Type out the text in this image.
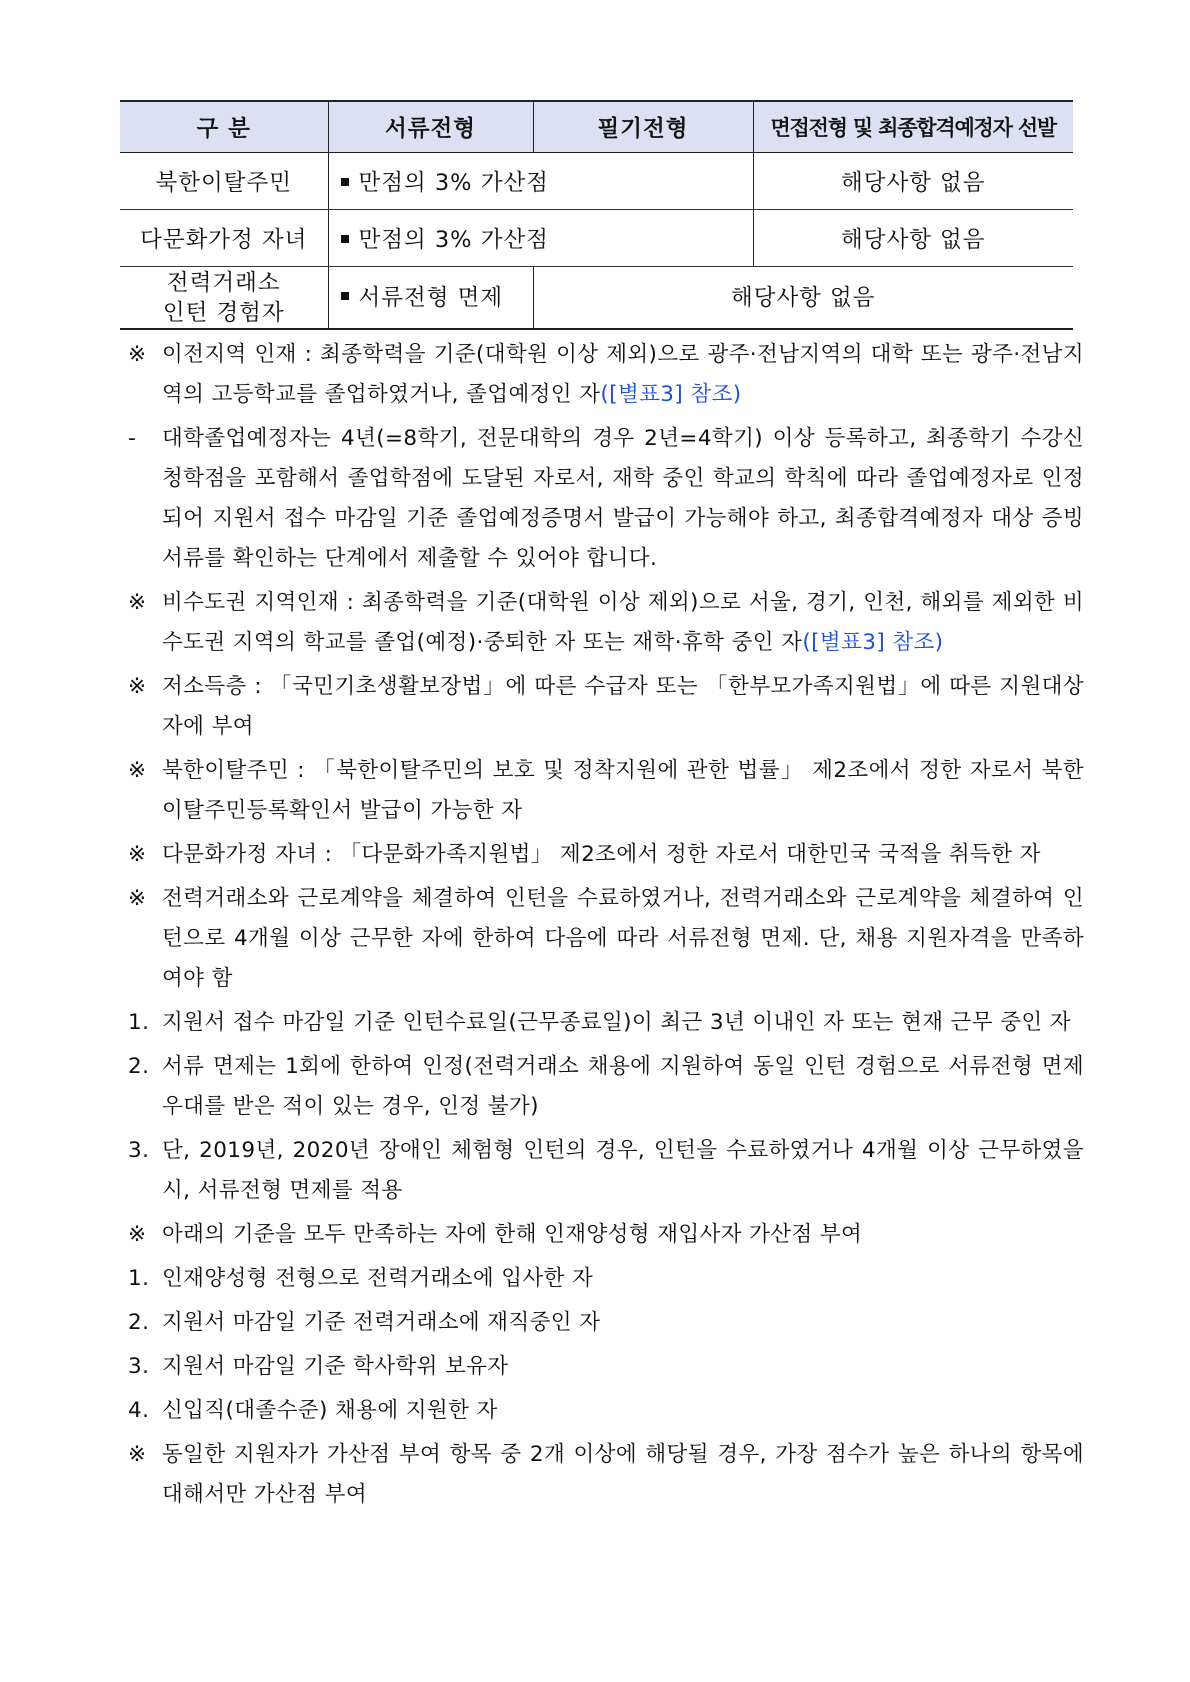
구 분	서류전형	필기전형	면접전형 및 최종합격예정자 선발
북한이탈주민	만점의 3% 가산점		해당사항 없음
다문화가정 자녀	만점의 3% 가산점		해당사항 없음
전력거래소
인턴 경험자	서류전형 면제	해당사항 없음	
※ 이전지역 인재 : 최종학력을 기준(대학원 이상 제외)으로 광주·전남지역의 대학 또는 광주·전남지역의 고등학교를 졸업하였거나, 졸업예정인 자([별표3] 참조)
- 대학졸업예정자는 4년(=8학기, 전문대학의 경우 2년=4학기) 이상 등록하고, 최종학기 수강신청학점을 포함해서 졸업학점에 도달된 자로서, 재학 중인 학교의 학칙에 따라 졸업예정자로 인정되어 지원서 접수 마감일 기준 졸업예정증명서 발급이 가능해야 하고, 최종합격예정자 대상 증빙서류를 확인하는 단계에서 제출할 수 있어야 합니다.
※ 비수도권 지역인재 : 최종학력을 기준(대학원 이상 제외)으로 서울, 경기, 인천, 해외를 제외한 비수도권 지역의 학교를 졸업(예정)·중퇴한 자 또는 재학·휴학 중인 자([별표3] 참조)
※ 저소득층 : 「국민기초생활보장법」에 따른 수급자 또는 「한부모가족지원법」에 따른 지원대상자에 부여
※ 북한이탈주민 : 「북한이탈주민의 보호 및 정착지원에 관한 법률」 제2조에서 정한 자로서 북한이탈주민등록확인서 발급이 가능한 자
※ 다문화가정 자녀 : 「다문화가족지원법」 제2조에서 정한 자로서 대한민국 국적을 취득한 자
※ 전력거래소와 근로계약을 체결하여 인턴을 수료하였거나, 전력거래소와 근로계약을 체결하여 인턴으로 4개월 이상 근무한 자에 한하여 다음에 따라 서류전형 면제. 단, 채용 지원자격을 만족하여야 함
1. 지원서 접수 마감일 기준 인턴수료일(근무종료일)이 최근 3년 이내인 자 또는 현재 근무 중인 자
2. 서류 면제는 1회에 한하여 인정(전력거래소 채용에 지원하여 동일 인턴 경험으로 서류전형 면제 우대를 받은 적이 있는 경우, 인정 불가)
3. 단, 2019년, 2020년 장애인 체험형 인턴의 경우, 인턴을 수료하였거나 4개월 이상 근무하였을 시, 서류전형 면제를 적용
※ 아래의 기준을 모두 만족하는 자에 한해 인재양성형 재입사자 가산점 부여
1. 인재양성형 전형으로 전력거래소에 입사한 자
2. 지원서 마감일 기준 전력거래소에 재직중인 자
3. 지원서 마감일 기준 학사학위 보유자
4. 신입직(대졸수준) 채용에 지원한 자
※ 동일한 지원자가 가산점 부여 항목 중 2개 이상에 해당될 경우, 가장 점수가 높은 하나의 항목에 대해서만 가산점 부여
